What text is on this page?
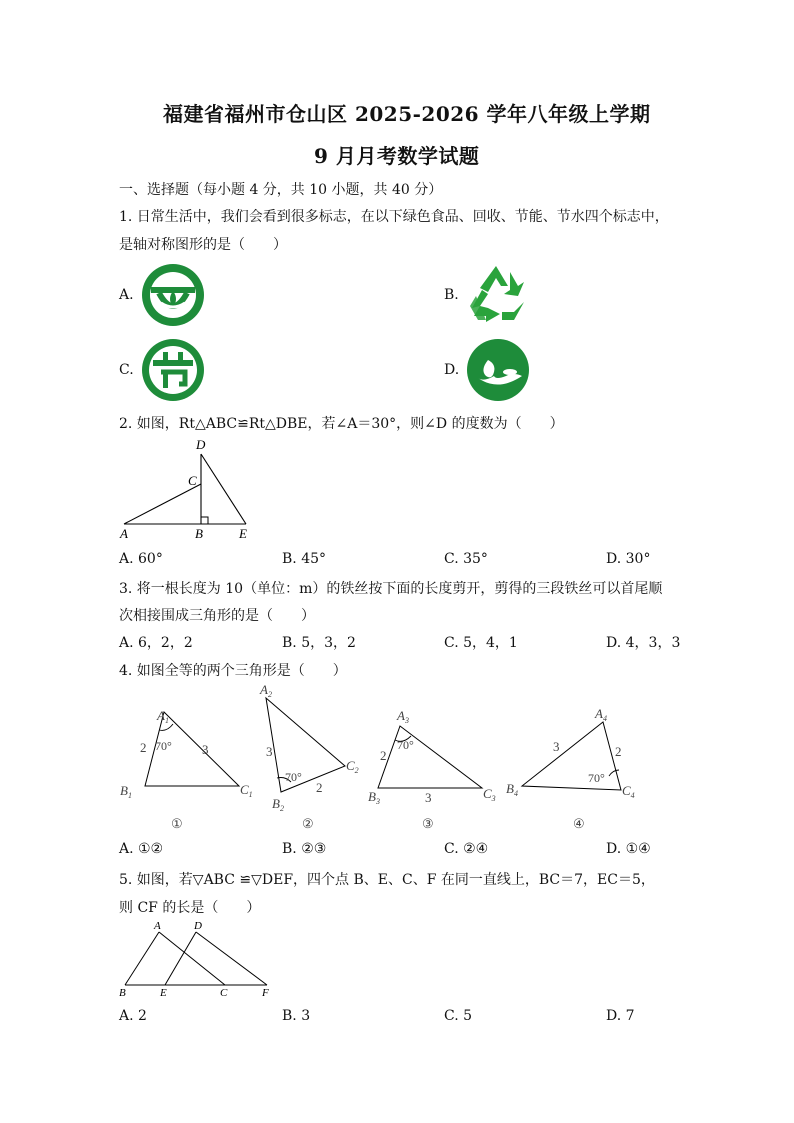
福建省福州市仓山区 2025-2026 学年八年级上学期
9 月月考数学试题
一、选择题（每小题 4 分，共 10 小题，共 40 分）
1. 日常生活中，我们会看到很多标志，在以下绿色食品、回收、节能、节水四个标志中，
是轴对称图形的是（　　）
A.	B.
C.	D.
2. 如图，Rt△ABC≌Rt△DBE，若∠A＝30°，则∠D 的度数为（　　）
D
C
A	B	E
A. 60°	B. 45°	C. 35°	D. 30°
3. 将一根长度为 10（单位：m）的铁丝按下面的长度剪开，剪得的三段铁丝可以首尾顺
次相接围成三角形的是（　　）
A. 6，2，2	B. 5，3，2	C. 5，4，1	D. 4，3，3
4. 如图全等的两个三角形是（　　）
$A_1$
$B_1$	$C_1$
2	3
70°
①
$A_2$
$B_2$
$C_2$
3
2
70°
②
$A_3$
$B_3$
$C_3$
2
3
70°
③
$A_4$
$B_4$	$C_4$
3	2
70°
④
A. ①②	B. ②③	C. ②④	D. ①④
5. 如图，若▽ABC ≌▽DEF，四个点 B、E、C、F 在同一直线上，BC＝7，EC＝5，
则 CF 的长是（　　）
A	D
B	E	C	F
A. 2	B. 3	C. 5	D. 7
